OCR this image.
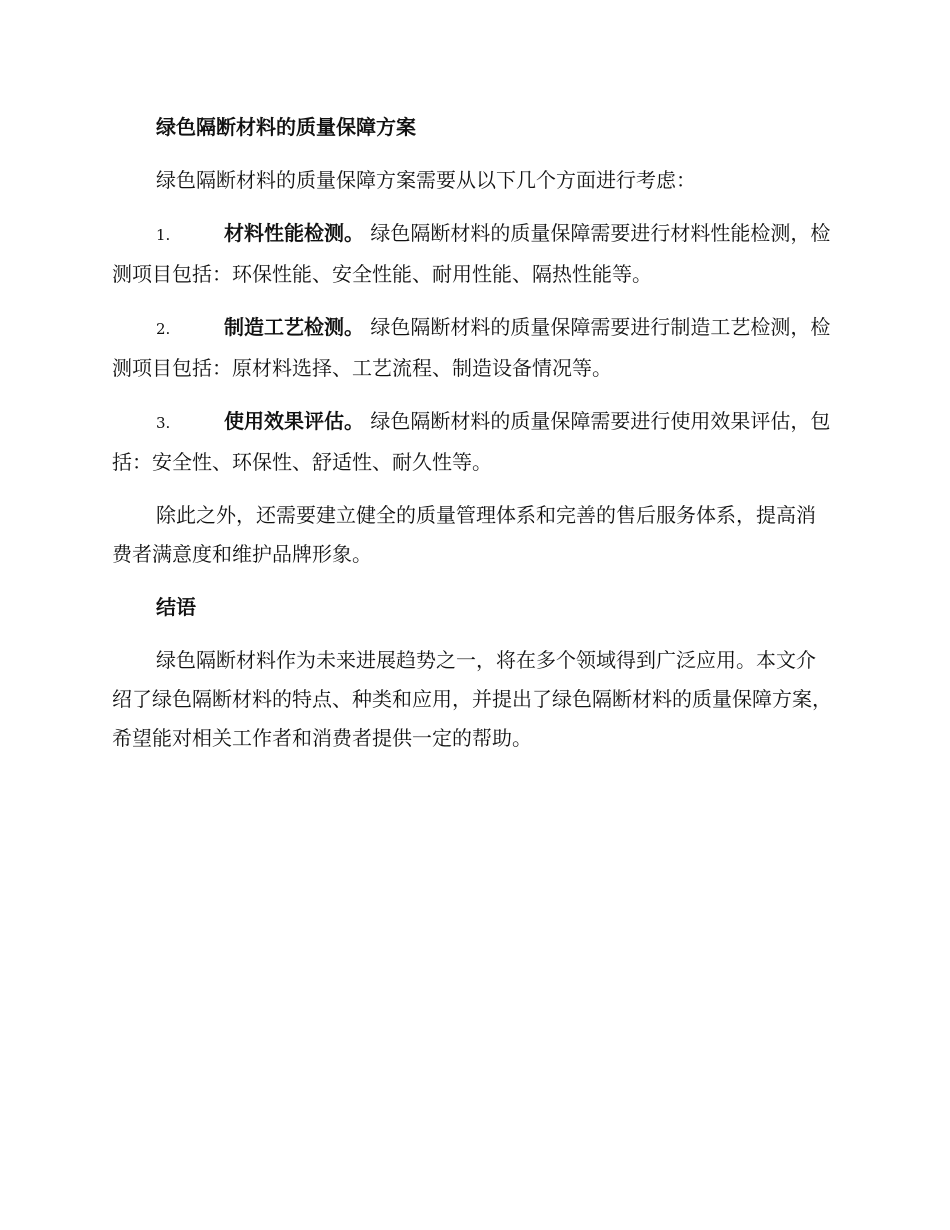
绿色隔断材料的质量保障方案
绿色隔断材料的质量保障方案需要从以下几个方面进行考虑：
1.	材料性能检测。 绿色隔断材料的质量保障需要进行材料性能检测，检测项目包括：环保性能、安全性能、耐用性能、隔热性能等。
2.	制造工艺检测。 绿色隔断材料的质量保障需要进行制造工艺检测，检测项目包括：原材料选择、工艺流程、制造设备情况等。
3.	使用效果评估。 绿色隔断材料的质量保障需要进行使用效果评估，包括：安全性、环保性、舒适性、耐久性等。
除此之外，还需要建立健全的质量管理体系和完善的售后服务体系，提高消费者满意度和维护品牌形象。
结语
绿色隔断材料作为未来进展趋势之一，将在多个领域得到广泛应用。本文介绍了绿色隔断材料的特点、种类和应用，并提出了绿色隔断材料的质量保障方案，希望能对相关工作者和消费者提供一定的帮助。
